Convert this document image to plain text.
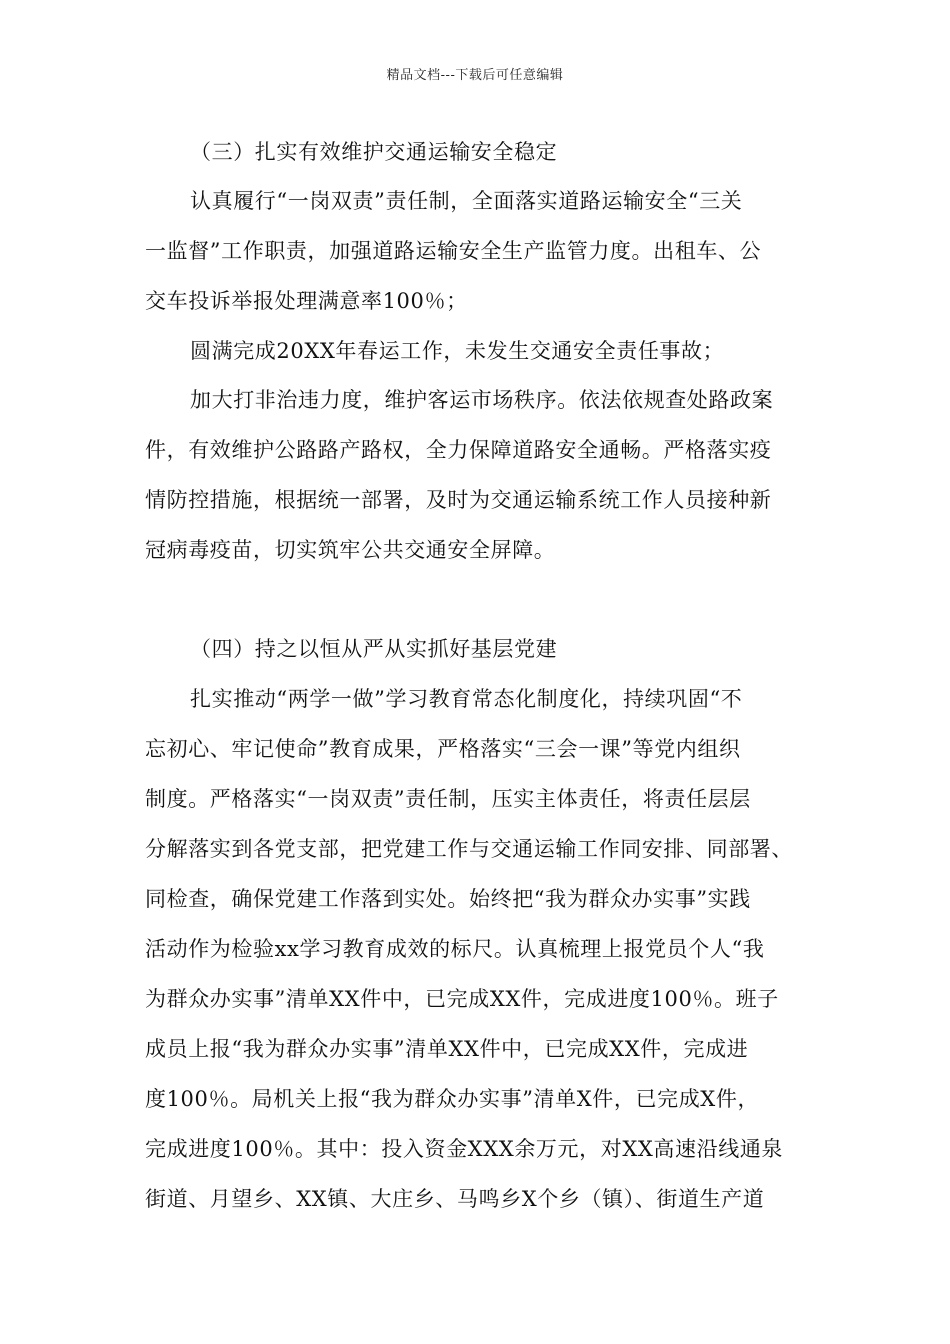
精品文档---下载后可任意编辑
（三）扎实有效维护交通运输安全稳定
认真履行“一岗双责”责任制，全面落实道路运输安全“三关
一监督”工作职责，加强道路运输安全生产监管力度。出租车、公
交车投诉举报处理满意率100％；
圆满完成20XX年春运工作，未发生交通安全责任事故；
加大打非治违力度，维护客运市场秩序。依法依规查处路政案
件，有效维护公路路产路权，全力保障道路安全通畅。严格落实疫
情防控措施，根据统一部署，及时为交通运输系统工作人员接种新
冠病毒疫苗，切实筑牢公共交通安全屏障。
（四）持之以恒从严从实抓好基层党建
扎实推动“两学一做”学习教育常态化制度化，持续巩固“不
忘初心、牢记使命”教育成果，严格落实“三会一课”等党内组织
制度。严格落实“一岗双责”责任制，压实主体责任，将责任层层
分解落实到各党支部，把党建工作与交通运输工作同安排、同部署、
同检查，确保党建工作落到实处。始终把“我为群众办实事”实践
活动作为检验xx学习教育成效的标尺。认真梳理上报党员个人“我
为群众办实事”清单XX件中，已完成XX件，完成进度100％。班子
成员上报“我为群众办实事”清单XX件中，已完成XX件，完成进
度100％。局机关上报“我为群众办实事”清单X件，已完成X件，
完成进度100％。其中：投入资金XXX余万元，对XX高速沿线通泉
街道、月望乡、XX镇、大庄乡、马鸣乡X个乡（镇）、街道生产道
